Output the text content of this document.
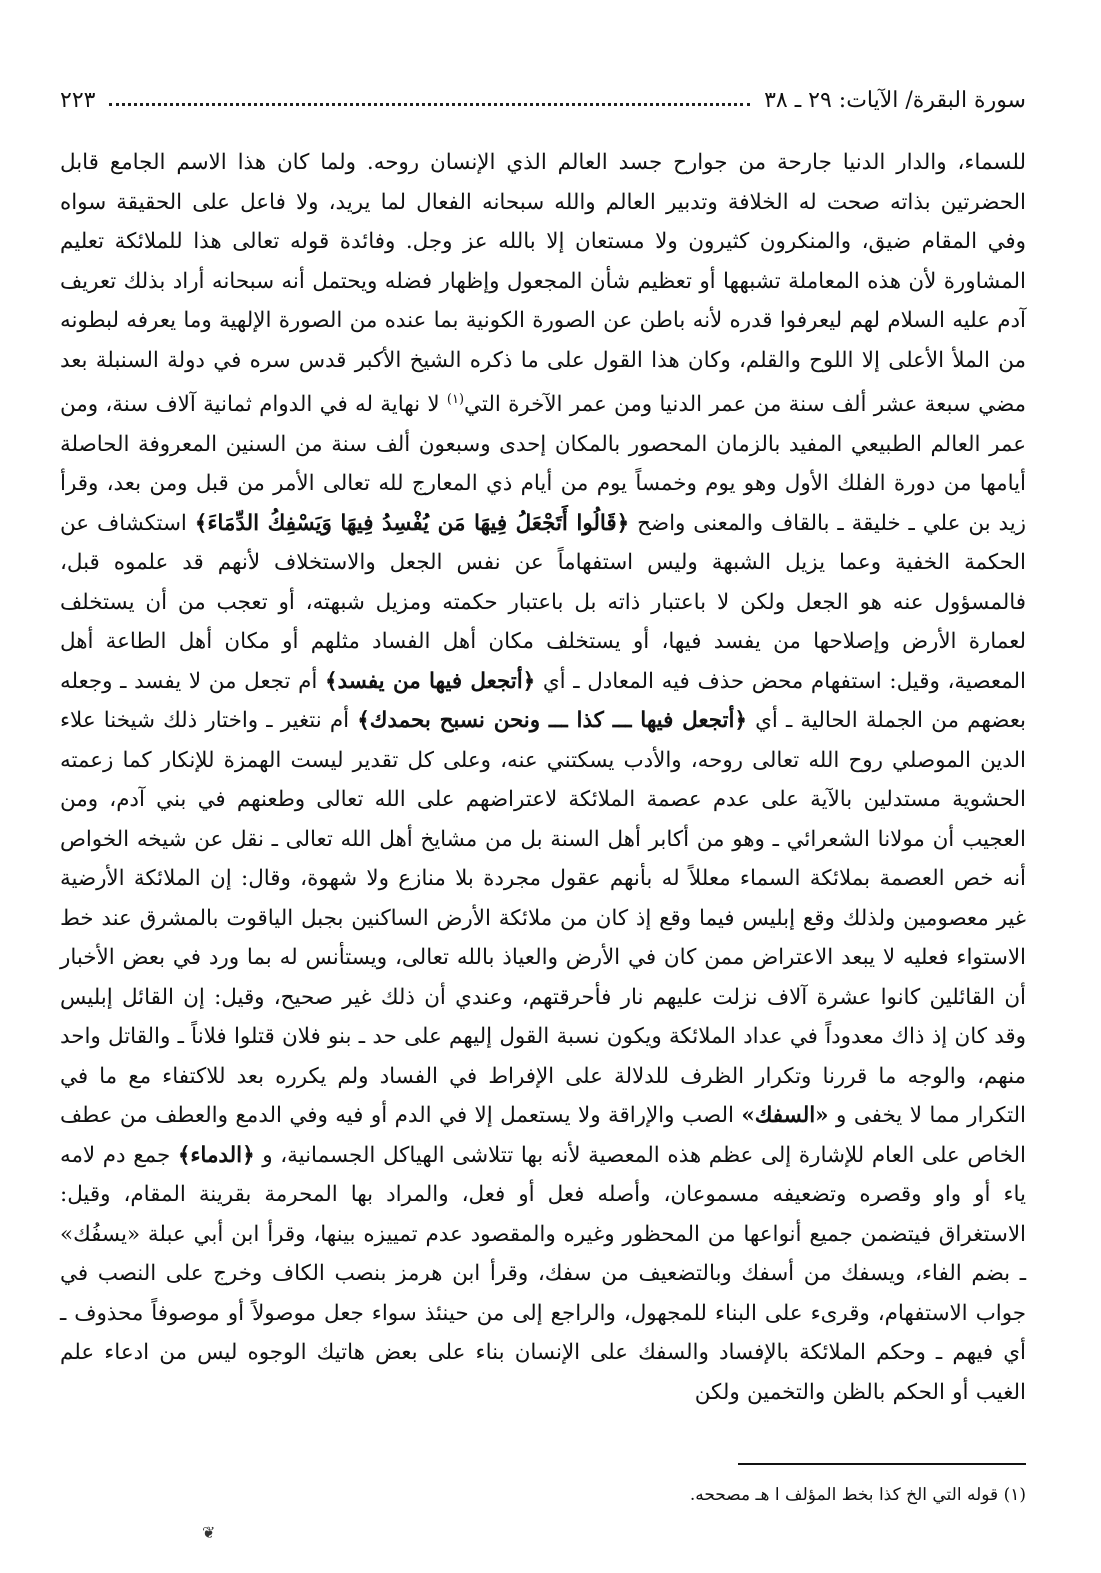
سورة البقرة/ الآيات: ٢٩ ـ ٣٨
٢٢٣

للسماء، والدار الدنيا جارحة من جوارح جسد العالم الذي الإنسان روحه. ولما كان هذا الاسم الجامع قابل الحضرتين بذاته صحت له الخلافة وتدبير العالم والله سبحانه الفعال لما يريد، ولا فاعل على الحقيقة سواه وفي المقام ضيق، والمنكرون كثيرون ولا مستعان إلا بالله عز وجل. وفائدة قوله تعالى هذا للملائكة تعليم المشاورة لأن هذه المعاملة تشبهها أو تعظيم شأن المجعول وإظهار فضله ويحتمل أنه سبحانه أراد بذلك تعريف آدم عليه السلام لهم ليعرفوا قدره لأنه باطن عن الصورة الكونية بما عنده من الصورة الإلهية وما يعرفه لبطونه من الملأ الأعلى إلا اللوح والقلم، وكان هذا القول على ما ذكره الشيخ الأكبر قدس سره في دولة السنبلة بعد مضي سبعة عشر ألف سنة من عمر الدنيا ومن عمر الآخرة التي$^{(١)}$ لا نهاية له في الدوام ثمانية آلاف سنة، ومن عمر العالم الطبيعي المفيد بالزمان المحصور بالمكان إحدى وسبعون ألف سنة من السنين المعروفة الحاصلة أيامها من دورة الفلك الأول وهو يوم وخمساً يوم من أيام ذي المعارج لله تعالى الأمر من قبل ومن بعد، وقرأ زيد بن علي ـ خليقة ـ بالقاف والمعنى واضح ﴿قَالُوا أَتَجْعَلُ فِيهَا مَن يُفْسِدُ فِيهَا وَيَسْفِكُ الدِّمَاءَ﴾ استكشاف عن الحكمة الخفية وعما يزيل الشبهة وليس استفهاماً عن نفس الجعل والاستخلاف لأنهم قد علموه قبل، فالمسؤول عنه هو الجعل ولكن لا باعتبار ذاته بل باعتبار حكمته ومزيل شبهته، أو تعجب من أن يستخلف لعمارة الأرض وإصلاحها من يفسد فيها، أو يستخلف مكان أهل الفساد مثلهم أو مكان أهل الطاعة أهل المعصية، وقيل: استفهام محض حذف فيه المعادل ـ أي ﴿أتجعل فيها من يفسد﴾ أم تجعل من لا يفسد ـ وجعله بعضهم من الجملة الحالية ـ أي ﴿أتجعل فيها ـــ كذا ـــ ونحن نسبح بحمدك﴾ أم نتغير ـ واختار ذلك شيخنا علاء الدين الموصلي روح الله تعالى روحه، والأدب يسكتني عنه، وعلى كل تقدير ليست الهمزة للإنكار كما زعمته الحشوية مستدلين بالآية على عدم عصمة الملائكة لاعتراضهم على الله تعالى وطعنهم في بني آدم، ومن العجيب أن مولانا الشعرائي ـ وهو من أكابر أهل السنة بل من مشايخ أهل الله تعالى ـ نقل عن شيخه الخواص أنه خص العصمة بملائكة السماء معللاً له بأنهم عقول مجردة بلا منازع ولا شهوة، وقال: إن الملائكة الأرضية غير معصومين ولذلك وقع إبليس فيما وقع إذ كان من ملائكة الأرض الساكنين بجبل الياقوت بالمشرق عند خط الاستواء فعليه لا يبعد الاعتراض ممن كان في الأرض والعياذ بالله تعالى، ويستأنس له بما ورد في بعض الأخبار أن القائلين كانوا عشرة آلاف نزلت عليهم نار فأحرقتهم، وعندي أن ذلك غير صحيح، وقيل: إن القائل إبليس وقد كان إذ ذاك معدوداً في عداد الملائكة ويكون نسبة القول إليهم على حد ـ بنو فلان قتلوا فلاناً ـ والقاتل واحد منهم، والوجه ما قررنا وتكرار الظرف للدلالة على الإفراط في الفساد ولم يكرره بعد للاكتفاء مع ما في التكرار مما لا يخفى و «السفك» الصب والإراقة ولا يستعمل إلا في الدم أو فيه وفي الدمع والعطف من عطف الخاص على العام للإشارة إلى عظم هذه المعصية لأنه بها تتلاشى الهياكل الجسمانية، و ﴿الدماء﴾ جمع دم لامه ياء أو واو وقصره وتضعيفه مسموعان، وأصله فعل أو فعل، والمراد بها المحرمة بقرينة المقام، وقيل: الاستغراق فيتضمن جميع أنواعها من المحظور وغيره والمقصود عدم تمييزه بينها، وقرأ ابن أبي عبلة «يسفُك» ـ بضم الفاء، ويسفك من أسفك وبالتضعيف من سفك، وقرأ ابن هرمز بنصب الكاف وخرج على النصب في جواب الاستفهام، وقرىء على البناء للمجهول، والراجع إلى من حينئذ سواء جعل موصولاً أو موصوفاً محذوف ـ أي فيهم ـ وحكم الملائكة بالإفساد والسفك على الإنسان بناء على بعض هاتيك الوجوه ليس من ادعاء علم الغيب أو الحكم بالظن والتخمين ولكن

(١) قوله التي الخ كذا بخط المؤلف ا هـ مصححه.
❦
